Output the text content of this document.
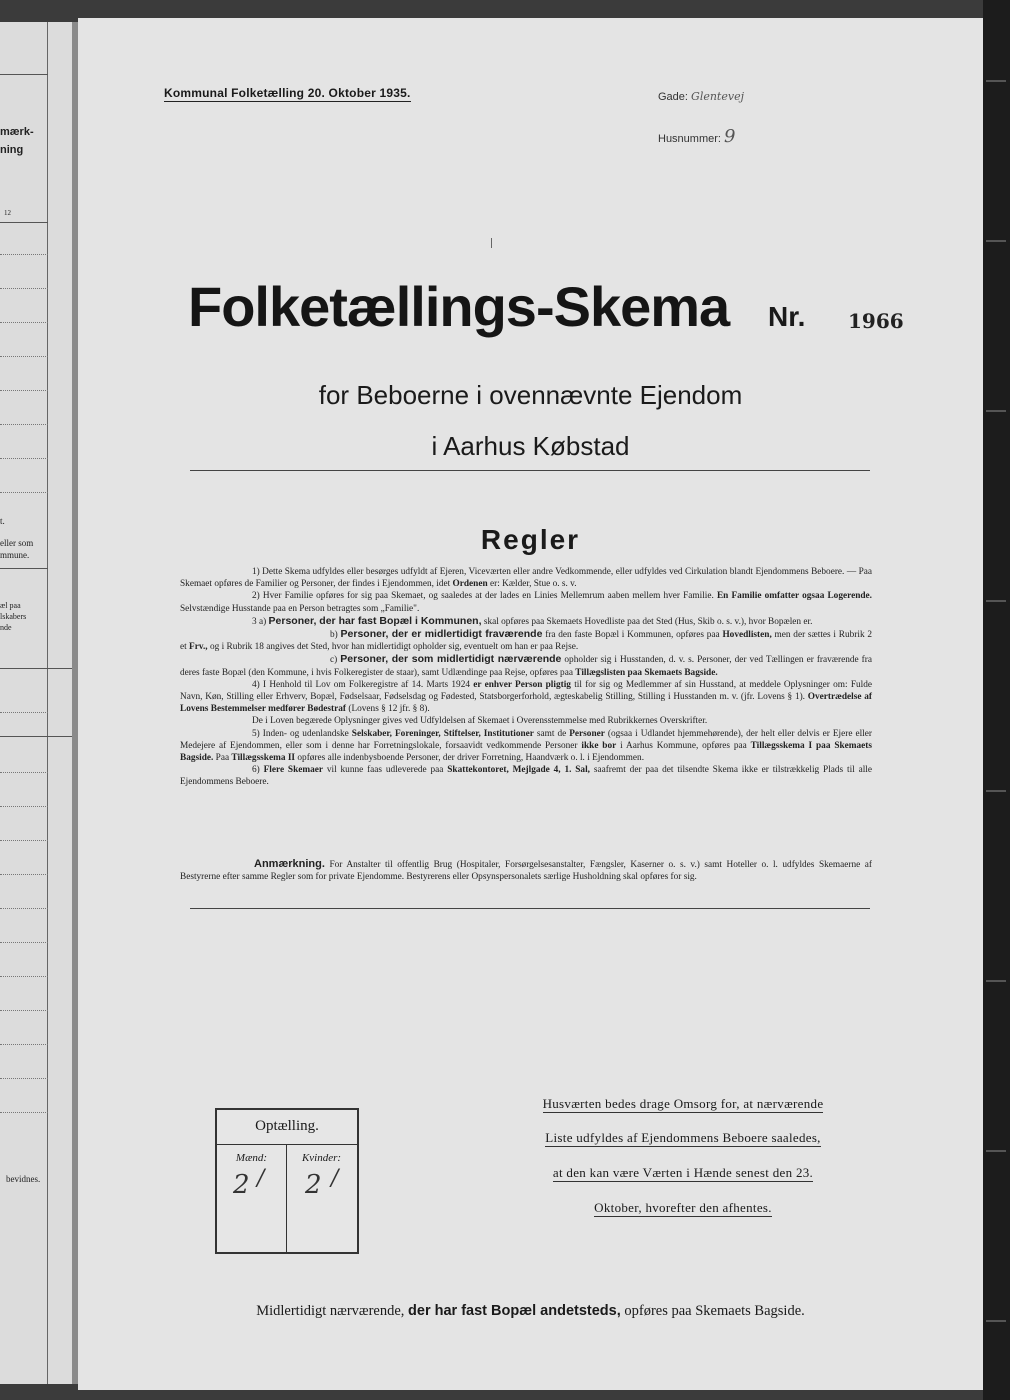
mærk-
ning
12
t.
eller som
mmune.
æl paa
lskabers
nde
bevidnes.
Kommunal Folketælling 20. Oktober 1935.	Gade: Glentevej
Husnummer: 9
Folketællings-Skema Nr. 1966
for Beboerne i ovennævnte Ejendom
i Aarhus Købstad
Regler

1) Dette Skema udfyldes eller besørges udfyldt af Ejeren, Viceværten eller andre Vedkommende, eller udfyldes ved Cirkulation blandt Ejendommens Beboere. — Paa Skemaet opføres de Familier og Personer, der findes i Ejendommen, idet Ordenen er: Kælder, Stue o. s. v.

2) Hver Familie opføres for sig paa Skemaet, og saaledes at der lades en Linies Mellemrum aaben mellem hver Familie. En Familie omfatter ogsaa Logerende. Selvstændige Husstande paa en Person betragtes som „Familie".

3 a) Personer, der har fast Bopæl i Kommunen, skal opføres paa Skemaets Hovedliste paa det Sted (Hus, Skib o. s. v.), hvor Bopælen er.

b) Personer, der er midlertidigt fraværende fra den faste Bopæl i Kommunen, opføres paa Hovedlisten, men der sættes i Rubrik 2 et Frv., og i Rubrik 18 angives det Sted, hvor han midlertidigt opholder sig, eventuelt om han er paa Rejse.

c) Personer, der som midlertidigt nærværende opholder sig i Husstanden, d. v. s. Personer, der ved Tællingen er fraværende fra deres faste Bopæl (den Kommune, i hvis Folkeregister de staar), samt Udlændinge paa Rejse, opføres paa Tillægslisten paa Skemaets Bagside.

4) I Henhold til Lov om Folkeregistre af 14. Marts 1924 er enhver Person pligtig til for sig og Medlemmer af sin Husstand, at meddele Oplysninger om: Fulde Navn, Køn, Stilling eller Erhverv, Bopæl, Fødselsaar, Fødselsdag og Fødested, Statsborgerforhold, ægteskabelig Stilling, Stilling i Husstanden m. v. (jfr. Lovens § 1). Overtrædelse af Lovens Bestemmelser medfører Bødestraf (Lovens § 12 jfr. § 8).

De i Loven begærede Oplysninger gives ved Udfyldelsen af Skemaet i Overensstemmelse med Rubrikkernes Overskrifter.

5) Inden- og udenlandske Selskaber, Foreninger, Stiftelser, Institutioner samt de Personer (ogsaa i Udlandet hjemmehørende), der helt eller delvis er Ejere eller Medejere af Ejendommen, eller som i denne har Forretningslokale, forsaavidt vedkommende Personer ikke bor i Aarhus Kommune, opføres paa Tillægsskema I paa Skemaets Bagside. Paa Tillægsskema II opføres alle indenbysboende Personer, der driver Forretning, Haandværk o. l. i Ejendommen.

6) Flere Skemaer vil kunne faas udleverede paa Skattekontoret, Mejlgade 4, 1. Sal, saafremt der paa det tilsendte Skema ikke er tilstrækkelig Plads til alle Ejendommens Beboere.

Anmærkning. For Anstalter til offentlig Brug (Hospitaler, Forsørgelsesanstalter, Fængsler, Kaserner o. s. v.) samt Hoteller o. l. udfyldes Skemaerne af Bestyrerne efter samme Regler som for private Ejendomme. Bestyrerens eller Opsynspersonalets særlige Husholdning skal opføres for sig.

Optælling.
Mænd:	Kvinder:
2 / 2 /
Husværten bedes drage Omsorg for, at nærværende
Liste udfyldes af Ejendommens Beboere saaledes,
at den kan være Værten i Hænde senest den 23.
Oktober, hvorefter den afhentes.
Midlertidigt nærværende, der har fast Bopæl andetsteds, opføres paa Skemaets Bagside.
